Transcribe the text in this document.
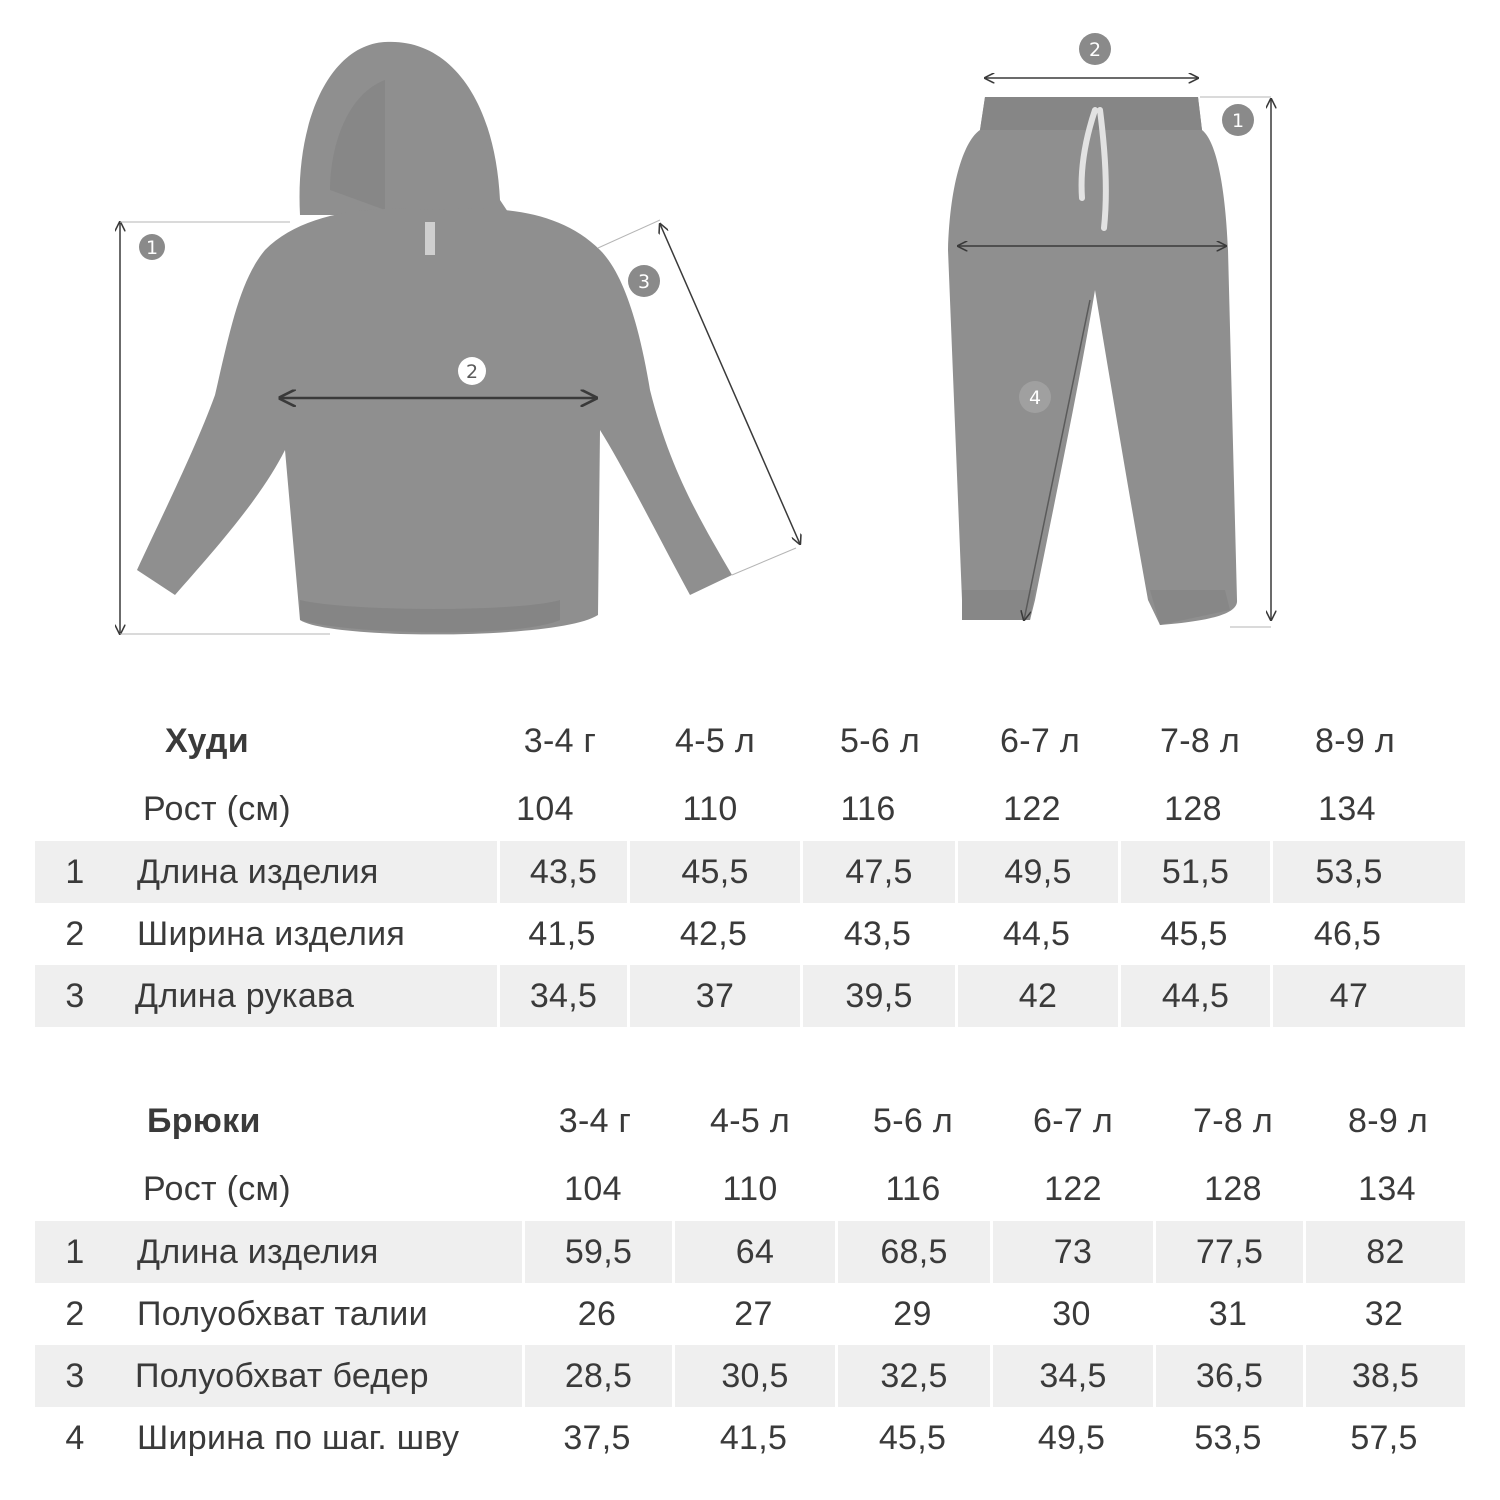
1
2
3
2
1
4
Худи	3-4 г	4-5 л	5-6 л	6-7 л	7-8 л	8-9 л
Рост (см)	104	110	116	122	128	134
1	Длина изделия	43,5	45,5	47,5	49,5	51,5	53,5
2	Ширина изделия	41,5	42,5	43,5	44,5	45,5	46,5
3	Длина рукава	34,5	37	39,5	42	44,5	47
Брюки	3-4 г	4-5 л	5-6 л	6-7 л	7-8 л	8-9 л
Рост (см)	104	110	116	122	128	134
1	Длина изделия	59,5	64	68,5	73	77,5	82
2	Полуобхват талии	26	27	29	30	31	32
3	Полуобхват бедер	28,5	30,5	32,5	34,5	36,5	38,5
4	Ширина по шаг. шву	37,5	41,5	45,5	49,5	53,5	57,5
